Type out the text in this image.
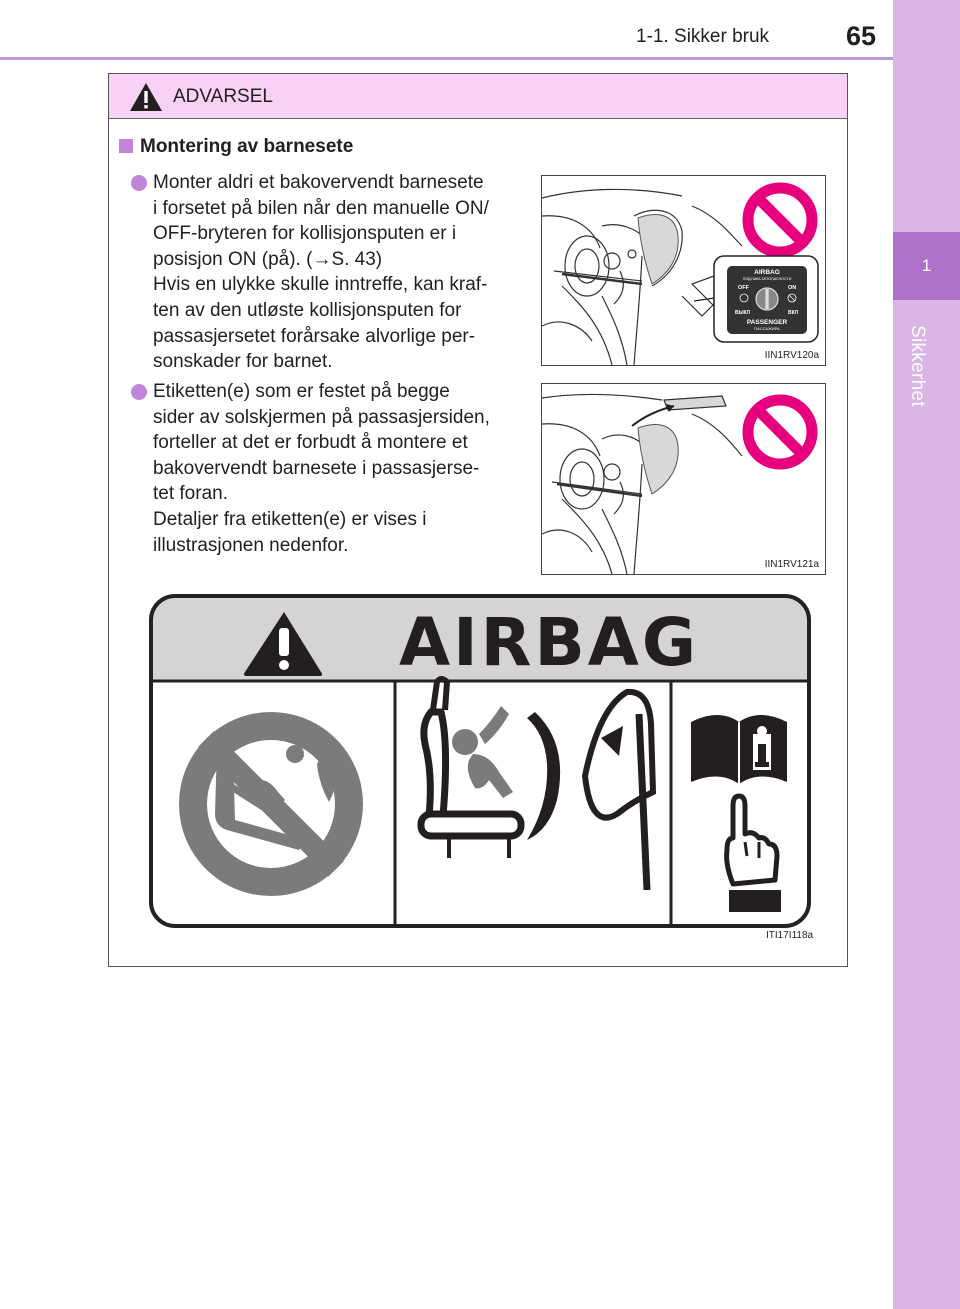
1-1. Sikker bruk	65
1
Sikkerhet
ADVARSEL
Montering av barnesete
Monter aldri et bakovervendt barnesete
i forsetet på bilen når den manuelle ON/
OFF-bryteren for kollisjonsputen er i
posisjon ON (på). (→S. 43)
Hvis en ulykke skulle inntreffe, kan kraf-
ten av den utløste kollisjonsputen for
passasjersetet forårsake alvorlige per-
sonskader for barnet.
AIRBAG
ПОДУШКА БЕЗОПАСНОСТИ
OFF	ON
ВЫКЛ	ВКЛ
PASSENGER
ПАССАЖИРА
IIN1RV120a
Etiketten(e) som er festet på begge
sider av solskjermen på passasjersiden,
forteller at det er forbudt å montere et
bakovervendt barnesete i passasjerse-
tet foran.
Detaljer fra etiketten(e) er vises i
illustrasjonen nedenfor.
IIN1RV121a
AIRBAG
ITI17I118a
